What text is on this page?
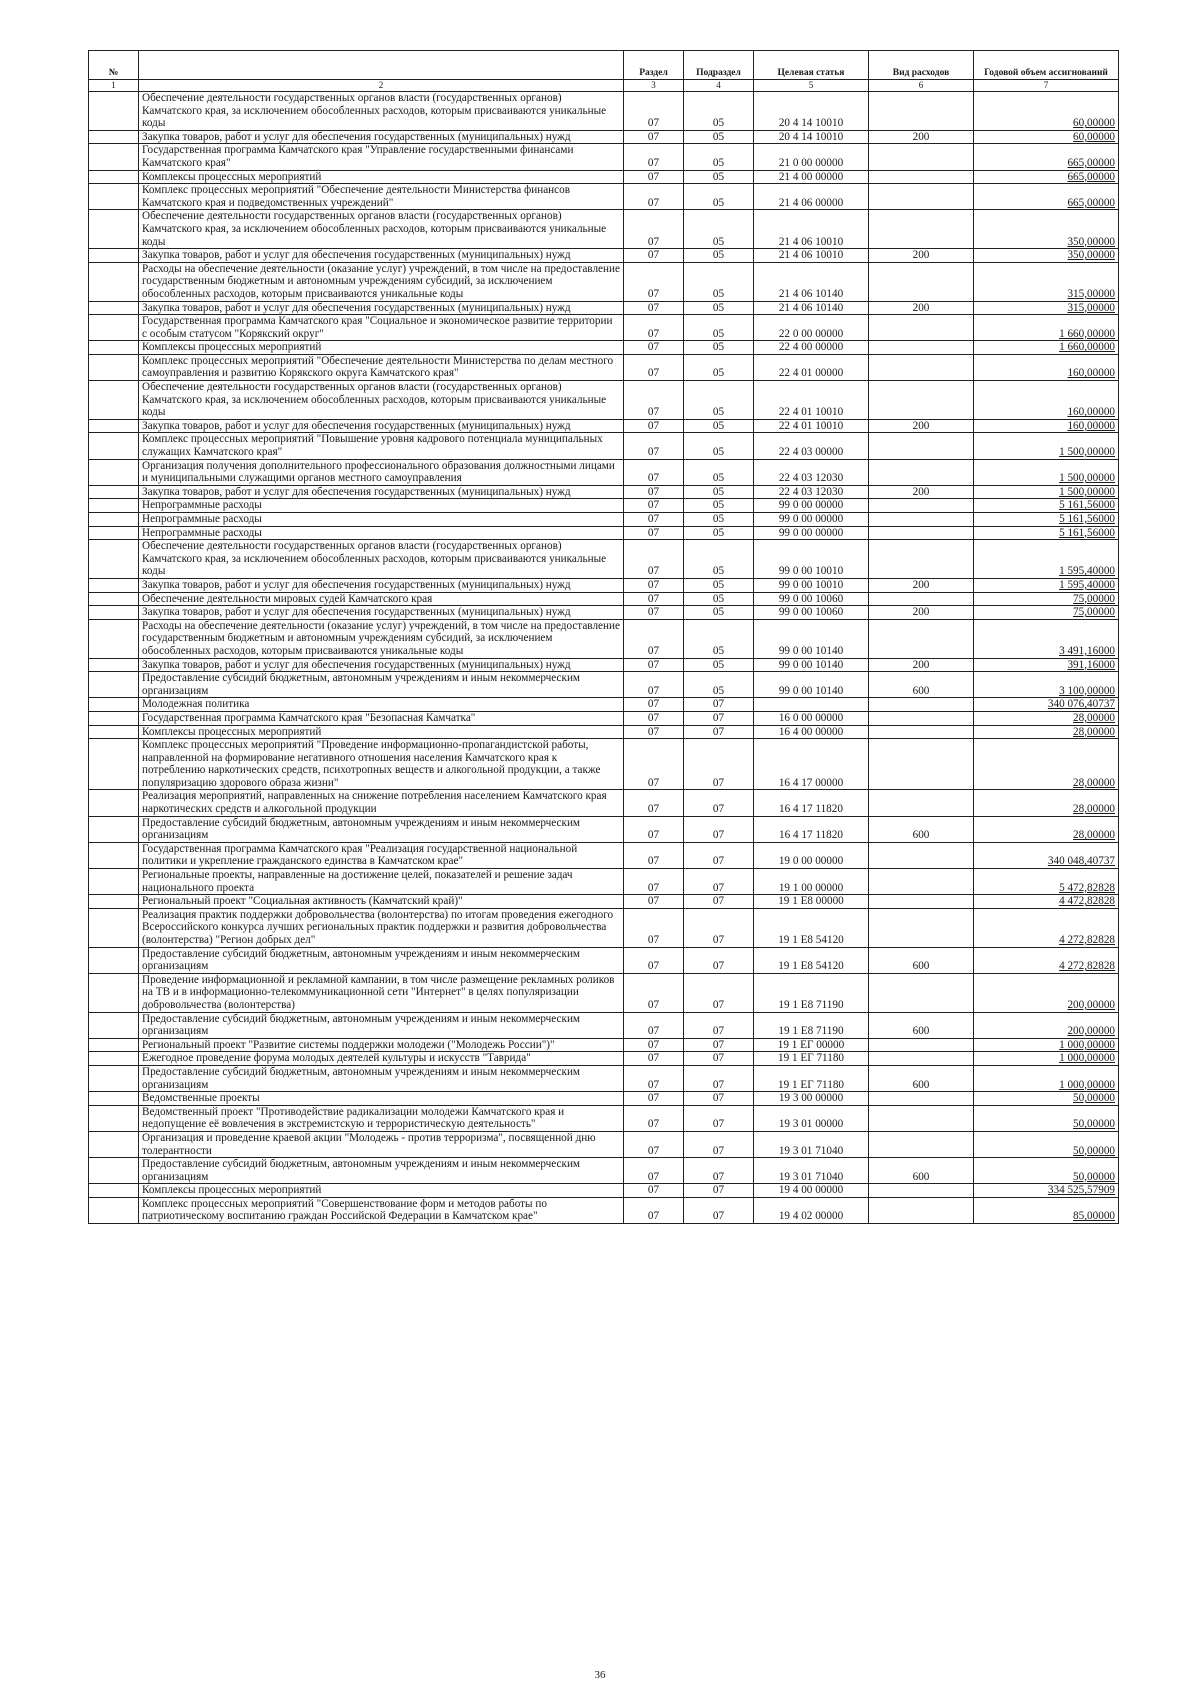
№		Раздел	Подраздел	Целевая статья	Вид расходов	Годовой объем ассигнований
1	2	3	4	5	6	7
	Обеспечение деятельности государственных органов власти (государственных органов) Камчатского края, за исключением обособленных расходов, которым присваиваются уникальные коды	07	05	20 4 14 10010		60,00000
	Закупка товаров, работ и услуг для обеспечения государственных (муниципальных) нужд	07	05	20 4 14 10010	200	60,00000
	Государственная программа Камчатского края "Управление государственными финансами Камчатского края"	07	05	21 0 00 00000		665,00000
	Комплексы процессных мероприятий	07	05	21 4 00 00000		665,00000
	Комплекс процессных мероприятий "Обеспечение деятельности Министерства финансов Камчатского края и подведомственных учреждений"	07	05	21 4 06 00000		665,00000
	Обеспечение деятельности государственных органов власти (государственных органов) Камчатского края, за исключением обособленных расходов, которым присваиваются уникальные коды	07	05	21 4 06 10010		350,00000
	Закупка товаров, работ и услуг для обеспечения государственных (муниципальных) нужд	07	05	21 4 06 10010	200	350,00000
	Расходы на обеспечение деятельности (оказание услуг) учреждений, в том числе на предоставление государственным бюджетным и автономным учреждениям субсидий, за исключением обособленных расходов, которым присваиваются уникальные коды	07	05	21 4 06 10140		315,00000
	Закупка товаров, работ и услуг для обеспечения государственных (муниципальных) нужд	07	05	21 4 06 10140	200	315,00000
	Государственная программа Камчатского края "Социальное и экономическое развитие территории с особым статусом "Корякский округ"	07	05	22 0 00 00000		1 660,00000
	Комплексы процессных мероприятий	07	05	22 4 00 00000		1 660,00000
	Комплекс процессных мероприятий "Обеспечение деятельности Министерства по делам местного самоуправления и развитию Корякского округа Камчатского края"	07	05	22 4 01 00000		160,00000
	Обеспечение деятельности государственных органов власти (государственных органов) Камчатского края, за исключением обособленных расходов, которым присваиваются уникальные коды	07	05	22 4 01 10010		160,00000
	Закупка товаров, работ и услуг для обеспечения государственных (муниципальных) нужд	07	05	22 4 01 10010	200	160,00000
	Комплекс процессных мероприятий "Повышение уровня кадрового потенциала муниципальных служащих Камчатского края"	07	05	22 4 03 00000		1 500,00000
	Организация получения дополнительного профессионального образования должностными лицами и муниципальными служащими органов местного самоуправления	07	05	22 4 03 12030		1 500,00000
	Закупка товаров, работ и услуг для обеспечения государственных (муниципальных) нужд	07	05	22 4 03 12030	200	1 500,00000
	Непрограммные расходы	07	05	99 0 00 00000		5 161,56000
	Непрограммные расходы	07	05	99 0 00 00000		5 161,56000
	Непрограммные расходы	07	05	99 0 00 00000		5 161,56000
	Обеспечение деятельности государственных органов власти (государственных органов) Камчатского края, за исключением обособленных расходов, которым присваиваются уникальные коды	07	05	99 0 00 10010		1 595,40000
	Закупка товаров, работ и услуг для обеспечения государственных (муниципальных) нужд	07	05	99 0 00 10010	200	1 595,40000
	Обеспечение деятельности мировых судей Камчатского края	07	05	99 0 00 10060		75,00000
	Закупка товаров, работ и услуг для обеспечения государственных (муниципальных) нужд	07	05	99 0 00 10060	200	75,00000
	Расходы на обеспечение деятельности (оказание услуг) учреждений, в том числе на предоставление государственным бюджетным и автономным учреждениям субсидий, за исключением обособленных расходов, которым присваиваются уникальные коды	07	05	99 0 00 10140		3 491,16000
	Закупка товаров, работ и услуг для обеспечения государственных (муниципальных) нужд	07	05	99 0 00 10140	200	391,16000
	Предоставление субсидий бюджетным, автономным учреждениям и иным некоммерческим организациям	07	05	99 0 00 10140	600	3 100,00000
	Молодежная политика	07	07			340 076,40737
	Государственная программа Камчатского края "Безопасная Камчатка"	07	07	16 0 00 00000		28,00000
	Комплексы процессных мероприятий	07	07	16 4 00 00000		28,00000
	Комплекс процессных мероприятий "Проведение информационно-пропагандистской работы, направленной на формирование негативного отношения населения Камчатского края к потреблению наркотических средств, психотропных веществ и алкогольной продукции, а также популяризацию здорового образа жизни"	07	07	16 4 17 00000		28,00000
	Реализация мероприятий, направленных на снижение потребления населением Камчатского края наркотических средств и алкогольной продукции	07	07	16 4 17 11820		28,00000
	Предоставление субсидий бюджетным, автономным учреждениям и иным некоммерческим организациям	07	07	16 4 17 11820	600	28,00000
	Государственная программа Камчатского края "Реализация государственной национальной политики и укрепление гражданского единства в Камчатском крае"	07	07	19 0 00 00000		340 048,40737
	Региональные проекты, направленные на достижение целей, показателей и решение задач национального проекта	07	07	19 1 00 00000		5 472,82828
	Региональный проект "Социальная активность (Камчатский край)"	07	07	19 1 E8 00000		4 472,82828
	Реализация практик поддержки добровольчества (волонтерства) по итогам проведения ежегодного Всероссийского конкурса лучших региональных практик поддержки и развития добровольчества (волонтерства) "Регион добрых дел"	07	07	19 1 E8 54120		4 272,82828
	Предоставление субсидий бюджетным, автономным учреждениям и иным некоммерческим организациям	07	07	19 1 E8 54120	600	4 272,82828
	Проведение информационной и рекламной кампании, в том числе размещение рекламных роликов на ТВ и в информационно-телекоммуникационной сети "Интернет" в целях популяризации добровольчества (волонтерства)	07	07	19 1 E8 71190		200,00000
	Предоставление субсидий бюджетным, автономным учреждениям и иным некоммерческим организациям	07	07	19 1 E8 71190	600	200,00000
	Региональный проект "Развитие системы поддержки молодежи ("Молодежь России")"	07	07	19 1 EГ 00000		1 000,00000
	Ежегодное проведение форума молодых деятелей культуры и искусств "Таврида"	07	07	19 1 EГ 71180		1 000,00000
	Предоставление субсидий бюджетным, автономным учреждениям и иным некоммерческим организациям	07	07	19 1 EГ 71180	600	1 000,00000
	Ведомственные проекты	07	07	19 3 00 00000		50,00000
	Ведомственный проект "Противодействие радикализации молодежи Камчатского края и недопущение её вовлечения в экстремистскую и террористическую деятельность"	07	07	19 3 01 00000		50,00000
	Организация и проведение краевой акции "Молодежь - против терроризма", посвященной дню толерантности	07	07	19 3 01 71040		50,00000
	Предоставление субсидий бюджетным, автономным учреждениям и иным некоммерческим организациям	07	07	19 3 01 71040	600	50,00000
	Комплексы процессных мероприятий	07	07	19 4 00 00000		334 525,57909
	Комплекс процессных мероприятий "Совершенствование форм и методов работы по патриотическому воспитанию граждан Российской Федерации в Камчатском крае"	07	07	19 4 02 00000		85,00000
36
